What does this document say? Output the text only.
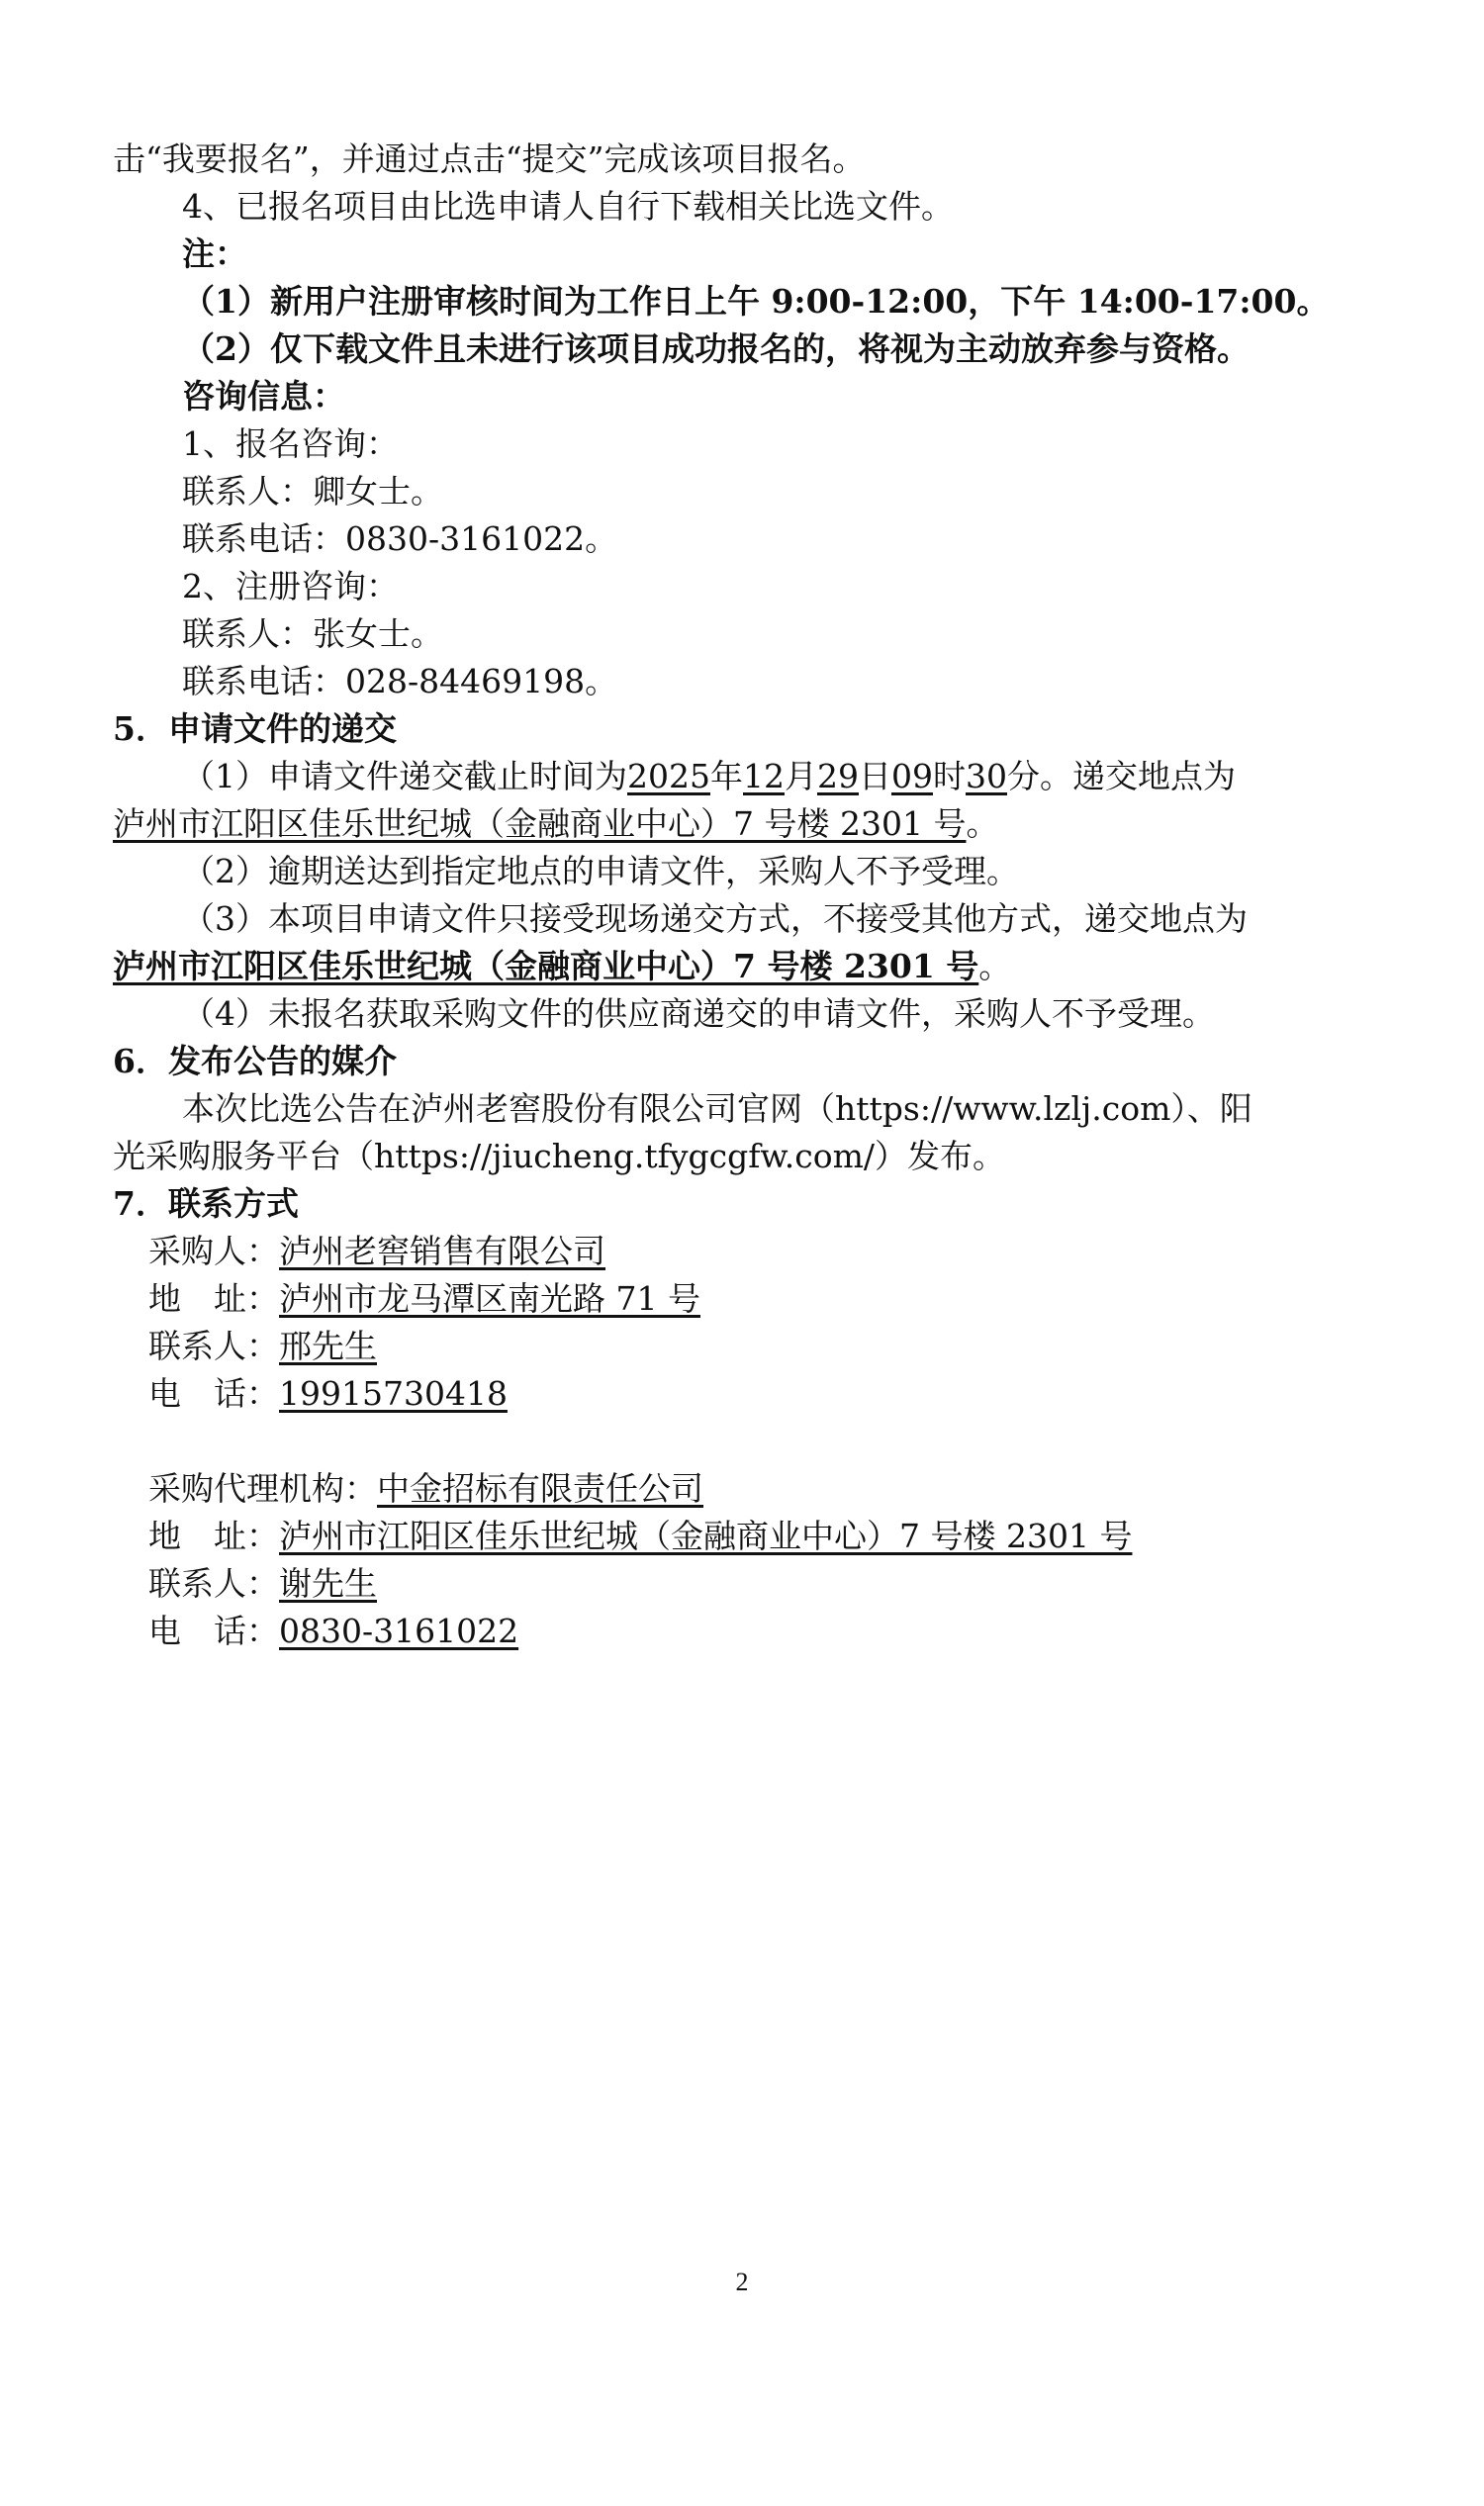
击“我要报名”，并通过点击“提交”完成该项目报名。
4、已报名项目由比选申请人自行下载相关比选文件。
注：
（1）新用户注册审核时间为工作日上午 9:00-12:00，下午 14:00-17:00。
（2）仅下载文件且未进行该项目成功报名的，将视为主动放弃参与资格。
咨询信息：
1、报名咨询：
联系人：卿女士。
联系电话：0830-3161022。
2、注册咨询：
联系人：张女士。
联系电话：028-84469198。
5．申请文件的递交
（1）申请文件递交截止时间为2025年12月29日09时30分。递交地点为
泸州市江阳区佳乐世纪城（金融商业中心）7 号楼 2301 号。
（2）逾期送达到指定地点的申请文件，采购人不予受理。
（3）本项目申请文件只接受现场递交方式，不接受其他方式，递交地点为
泸州市江阳区佳乐世纪城（金融商业中心）7 号楼 2301 号。
（4）未报名获取采购文件的供应商递交的申请文件，采购人不予受理。
6．发布公告的媒介
本次比选公告在泸州老窖股份有限公司官网（https://www.lzlj.com）、阳
光采购服务平台（https://jiucheng.tfygcgfw.com/）发布。
7．联系方式
采购人：泸州老窖销售有限公司
地　址：泸州市龙马潭区南光路 71 号
联系人：邢先生
电　话：19915730418
采购代理机构：中金招标有限责任公司
地　址：泸州市江阳区佳乐世纪城（金融商业中心）7 号楼 2301 号
联系人：谢先生
电　话：0830-3161022
2
